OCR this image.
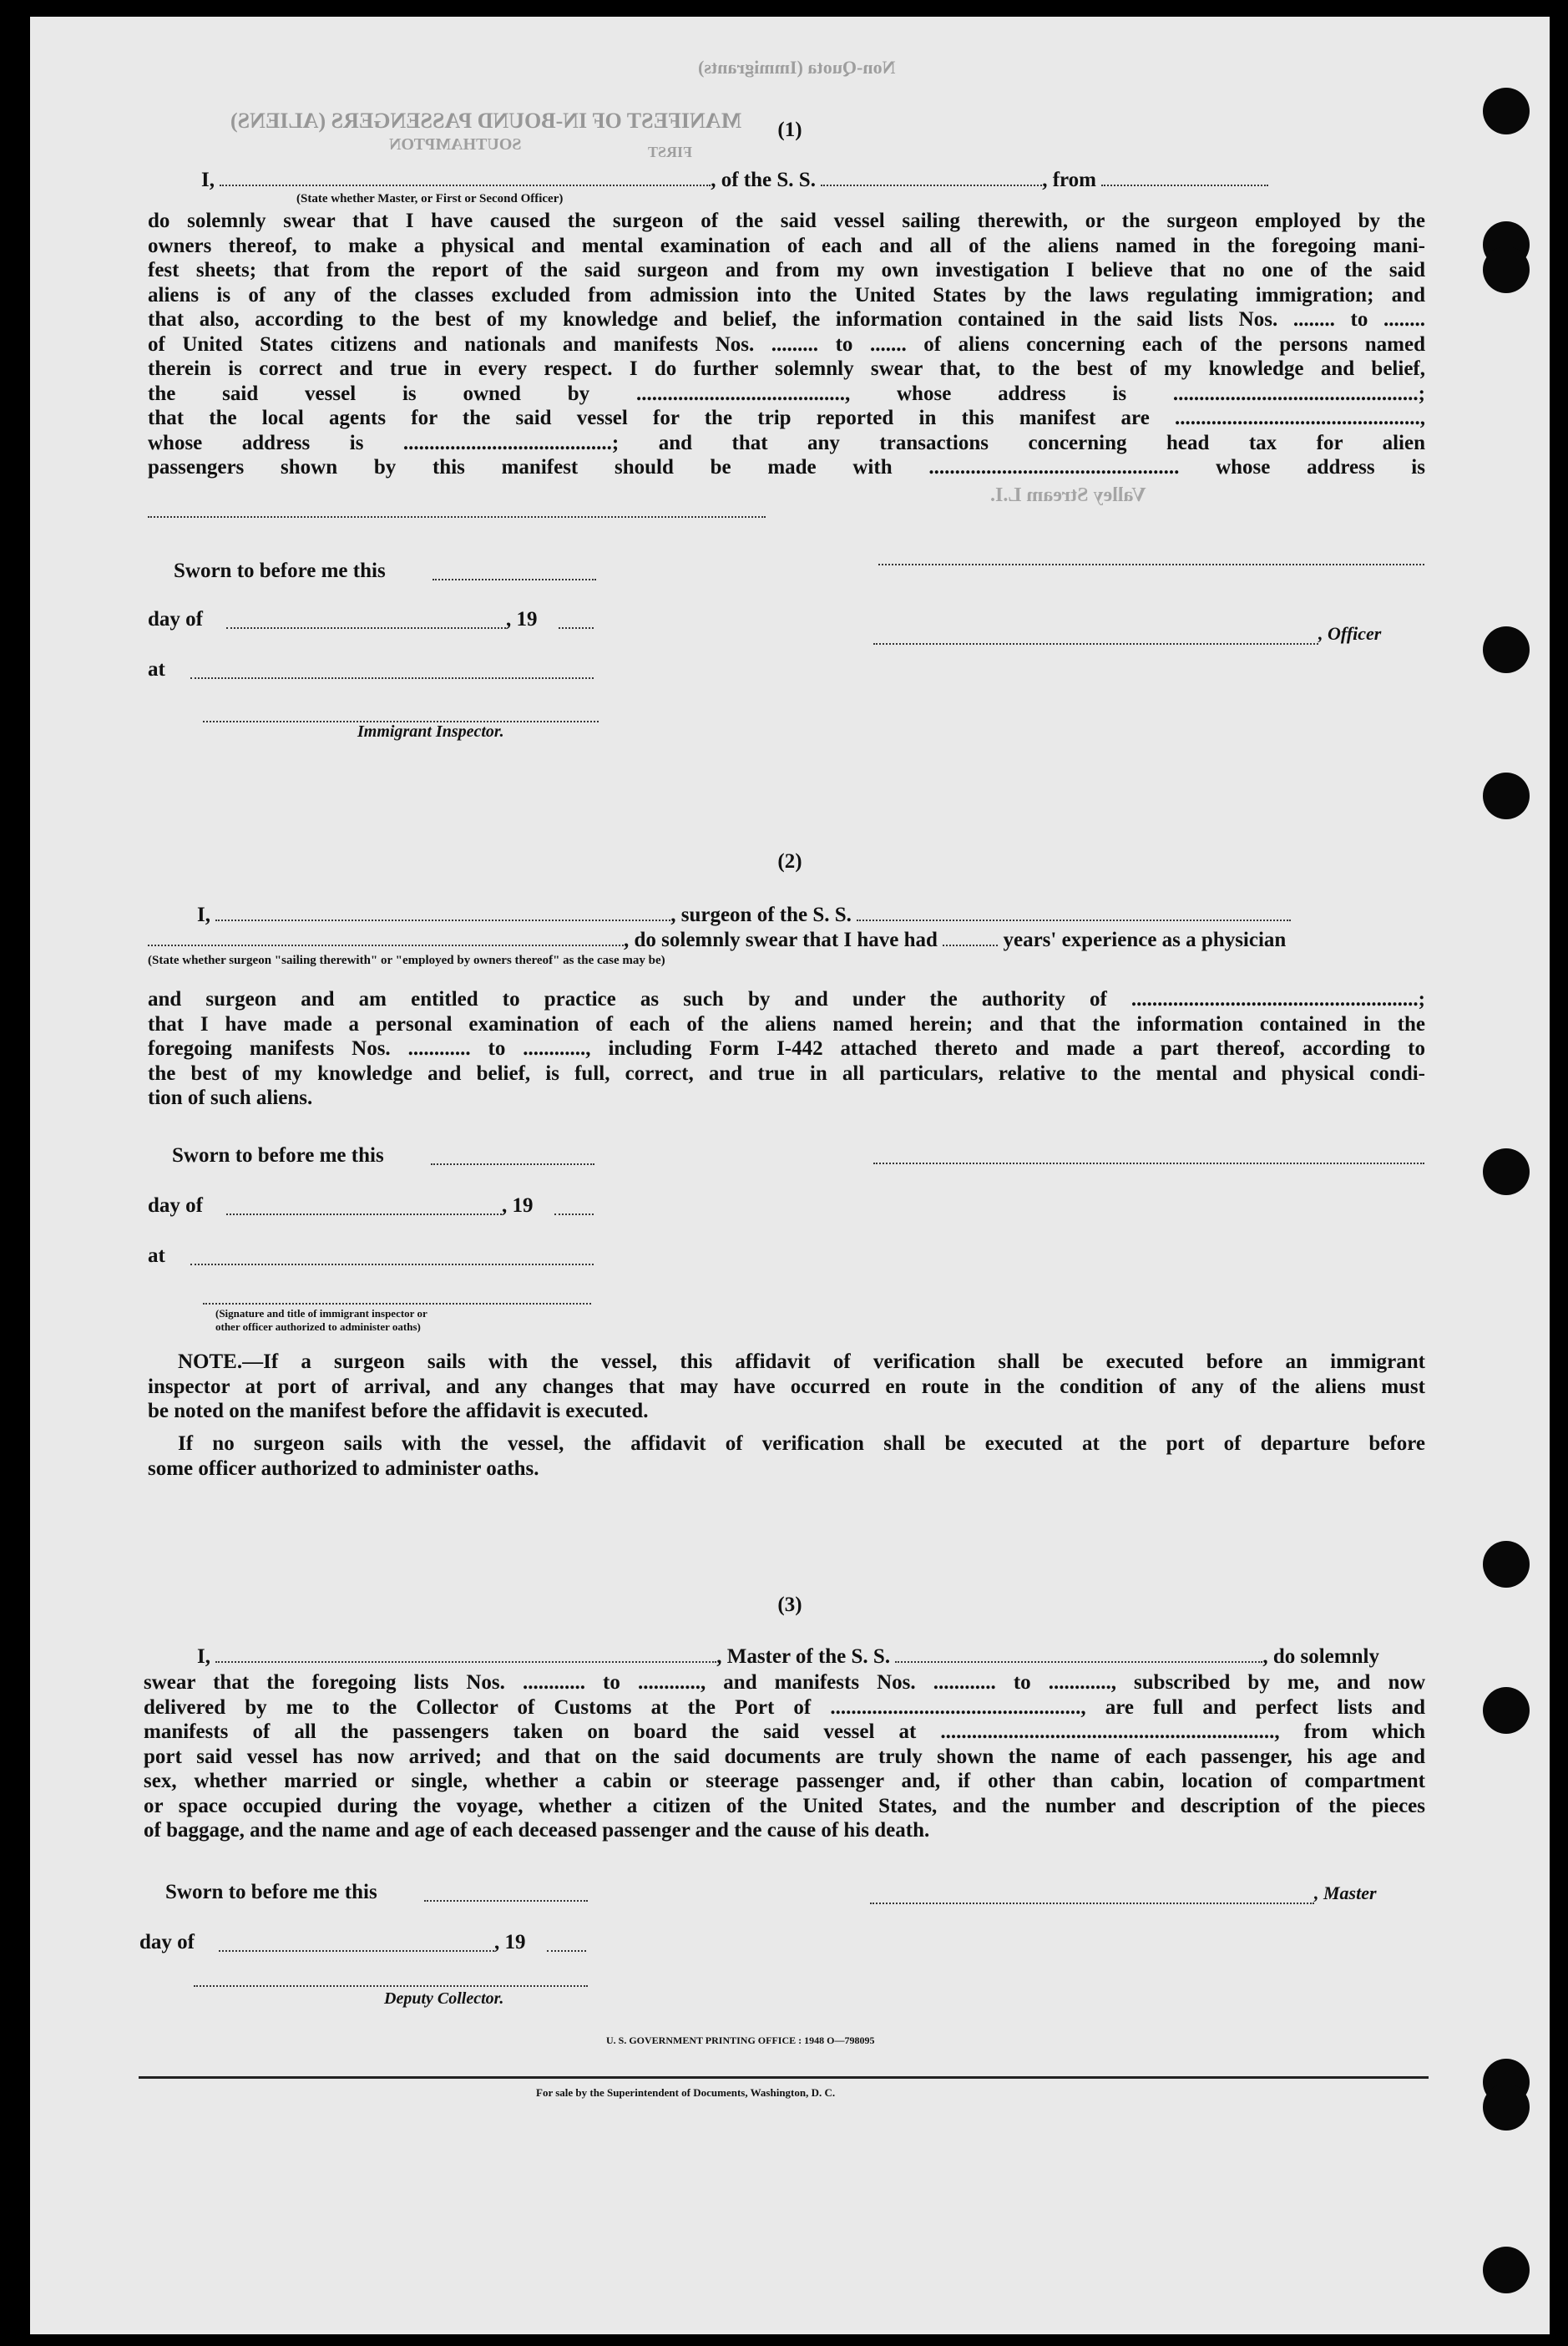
MANIFEST OF IN-BOUND PASSENGERS (ALIENS)
SOUTHAMPTON	FIRST
Non-Quota (Immigrants)
Valley Stream L.I.
(1)
I,	, of the S. S.	, from
(State whether Master, or First or Second Officer)

do solemnly swear that I have caused the surgeon of the said vessel sailing therewith, or the surgeon employed by the

owners thereof, to make a physical and mental examination of each and all of the aliens named in the foregoing mani-

fest sheets; that from the report of the said surgeon and from my own investigation I believe that no one of the said

aliens is of any of the classes excluded from admission into the United States by the laws regulating immigration; and

that also, according to the best of my knowledge and belief, the information contained in the said lists Nos. ........ to ........

of United States citizens and nationals and manifests Nos. ......... to ....... of aliens concerning each of the persons named

therein is correct and true in every respect. I do further solemnly swear that, to the best of my knowledge and belief,

the said vessel is owned by ........................................, whose address is ...............................................;

that the local agents for the said vessel for the trip reported in this manifest are ...............................................,

whose address is ........................................; and that any transactions concerning head tax for alien

passengers shown by this manifest should be made with ................................................ whose address is

Sworn to before me this
day of	, 19
, Officer
at
Immigrant Inspector.
(2)
I,	, surgeon of the S. S.
, do solemnly swear that I have had	years' experience as a physician
(State whether surgeon "sailing therewith" or "employed by owners thereof" as the case may be)

and surgeon and am entitled to practice as such by and under the authority of .......................................................;

that I have made a personal examination of each of the aliens named herein; and that the information contained in the

foregoing manifests Nos. ............ to ............, including Form I-442 attached thereto and made a part thereof, according to

the best of my knowledge and belief, is full, correct, and true in all particulars, relative to the mental and physical condi-

tion of such aliens.

Sworn to before me this
day of	, 19
at
(Signature and title of immigrant inspector or
other officer authorized to administer oaths)

NOTE.—If a surgeon sails with the vessel, this affidavit of verification shall be executed before an immigrant

inspector at port of arrival, and any changes that may have occurred en route in the condition of any of the aliens must

be noted on the manifest before the affidavit is executed.

If no surgeon sails with the vessel, the affidavit of verification shall be executed at the port of departure before

some officer authorized to administer oaths.

(3)
I,	, Master of the S. S.	, do solemnly

swear that the foregoing lists Nos. ............ to ............, and manifests Nos. ............ to ............, subscribed by me, and now

delivered by me to the Collector of Customs at the Port of ................................................, are full and perfect lists and

manifests of all the passengers taken on board the said vessel at ................................................................, from which

port said vessel has now arrived; and that on the said documents are truly shown the name of each passenger, his age and

sex, whether married or single, whether a cabin or steerage passenger and, if other than cabin, location of compartment

or space occupied during the voyage, whether a citizen of the United States, and the number and description of the pieces

of baggage, and the name and age of each deceased passenger and the cause of his death.

Sworn to before me this	, Master
day of	, 19
Deputy Collector.
U. S. GOVERNMENT PRINTING OFFICE : 1948 O—798095
For sale by the Superintendent of Documents, Washington, D. C.
